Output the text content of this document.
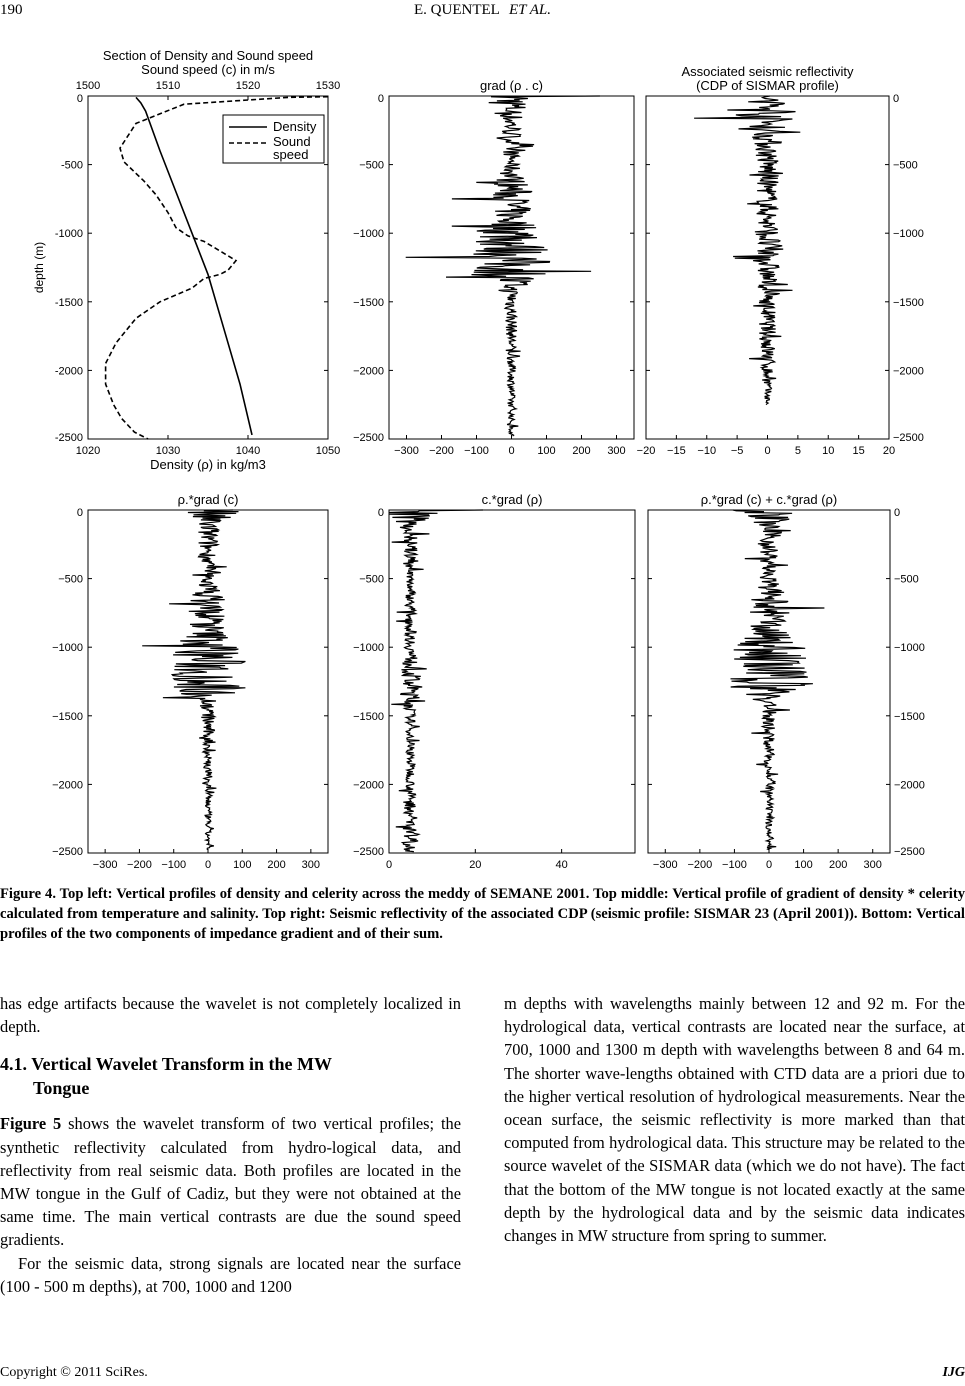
190	E. QUENTEL ET AL.
Section of Density and Sound speed
Sound speed (c) in m/s
0
-500
-1000
-1500
-2000
-2500
1020	1030	1040	1050
1500	1510	1520	1530
Density (ρ) in kg/m3
depth (m)
Density
Sound
speed
grad (ρ . c)
0
−500
−1000
−1500
−2000
−2500
−300 −200 −100 0 100 200 300
Associated seismic reflectivity
(CDP of SISMAR profile)
0
−500
−1000
−1500
−2000
−2500
−20 −15 −10 −5 0 5 10 15 20
ρ.*grad (c)
0
−500
−1000
−1500
−2000
−2500
−300 −200 −100 0 100 200 300
c.*grad (ρ)
0
−500
−1000
−1500
−2000
−2500
0	20	40
ρ.*grad (c) + c.*grad (ρ)
0
−500
−1000
−1500
−2000
−2500
−300 −200 −100 0 100 200 300
Figure 4. Top left: Vertical profiles of density and celerity across the meddy of SEMANE 2001. Top middle: Vertical profile of gradient of density * celerity calculated from temperature and salinity. Top right: Seismic reflectivity of the associated CDP (seismic profile: SISMAR 23 (April 2001)). Bottom: Vertical profiles of the two components of impedance gradient and of their sum.

has edge artifacts because the wavelet is not completely localized in depth.

4.1. Vertical Wavelet Transform in the MW
Tongue

Figure 5 shows the wavelet transform of two vertical profiles; the synthetic reflectivity calculated from hydro-logical data, and reflectivity from real seismic data. Both profiles are located in the MW tongue in the Gulf of Cadiz, but they were not obtained at the same time. The main vertical contrasts are due the sound speed gradients.

For the seismic data, strong signals are located near the surface (100 - 500 m depths), at 700, 1000 and 1200

m depths with wavelengths mainly between 12 and 92 m. For the hydrological data, vertical contrasts are located near the surface, at 700, 1000 and 1300 m depth with wavelengths between 8 and 64 m. The shorter wave-lengths obtained with CTD data are a priori due to the higher vertical resolution of hydrological measurements. Near the ocean surface, the seismic reflectivity is more marked than that computed from hydrological data. This structure may be related to the source wavelet of the SISMAR data (which we do not have). The fact that the bottom of the MW tongue is not located exactly at the same depth by the hydrological data and by the seismic data indicates changes in MW structure from spring to summer.

Copyright © 2011 SciRes.	IJG
